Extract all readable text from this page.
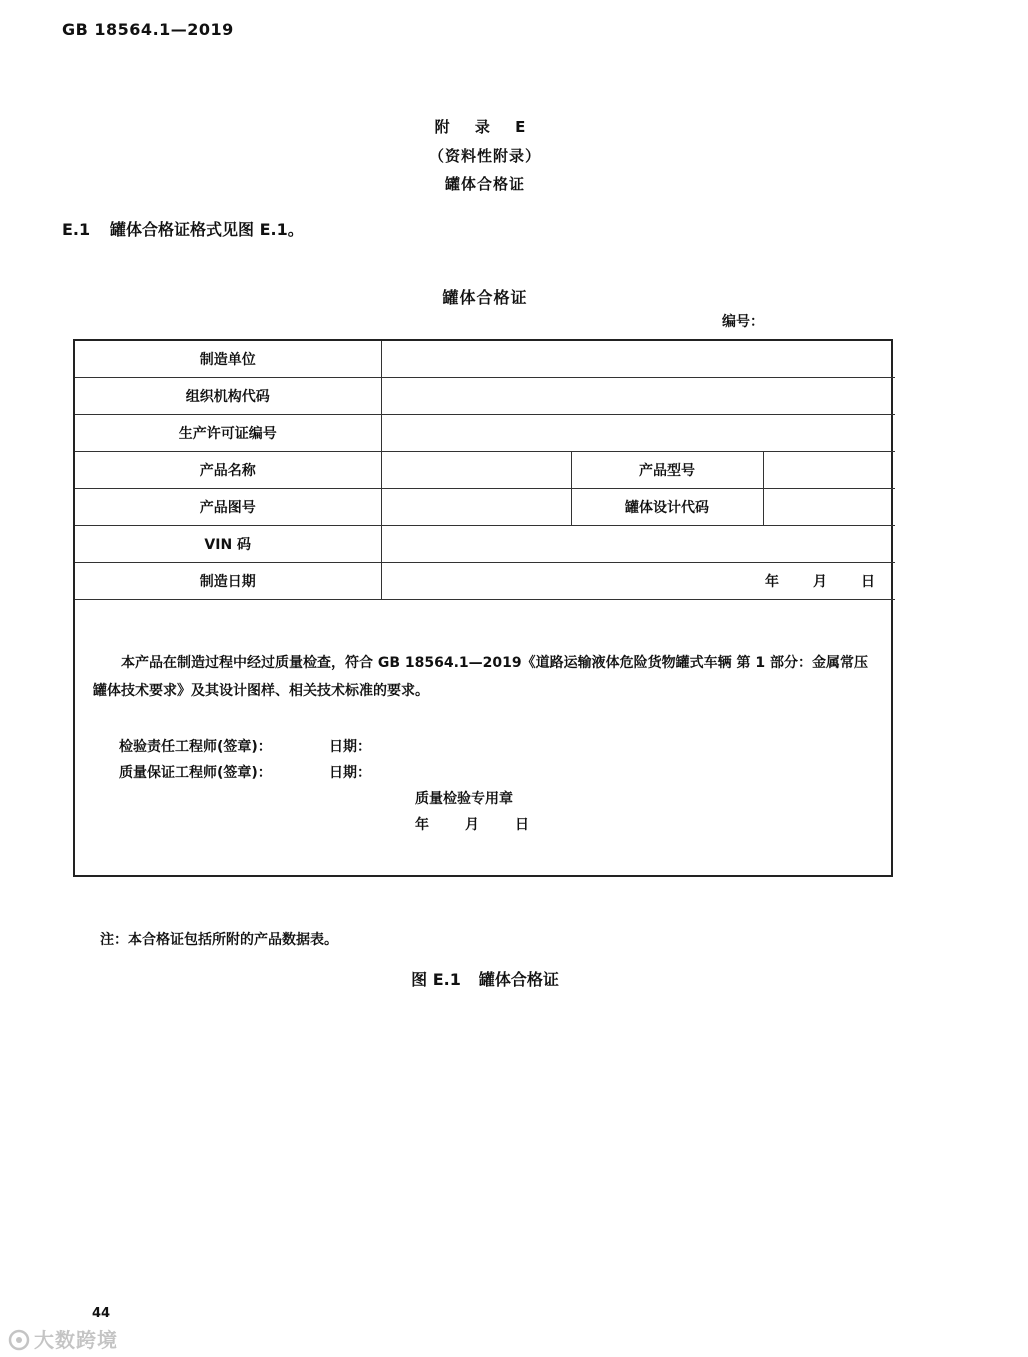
GB 18564.1—2019
附 录 E
（资料性附录）
罐体合格证
E.1 罐体合格证格式见图 E.1。
罐体合格证
编号：
制造单位			
组织机构代码			
生产许可证编号			
产品名称		产品型号	
产品图号		罐体设计代码	
VIN 码			
制造日期	年 月 日		
本产品在制造过程中经过质量检查，符合 GB 18564.1—2019《道路运输液体危险货物罐式车辆 第 1 部分：金属常压罐体技术要求》及其设计图样、相关技术标准的要求。
检验责任工程师(签章)：	日期：
质量保证工程师(签章)：	日期：
质量检验专用章
年	月	日
注：本合格证包括所附的产品数据表。
图 E.1 罐体合格证
44
大数跨境
